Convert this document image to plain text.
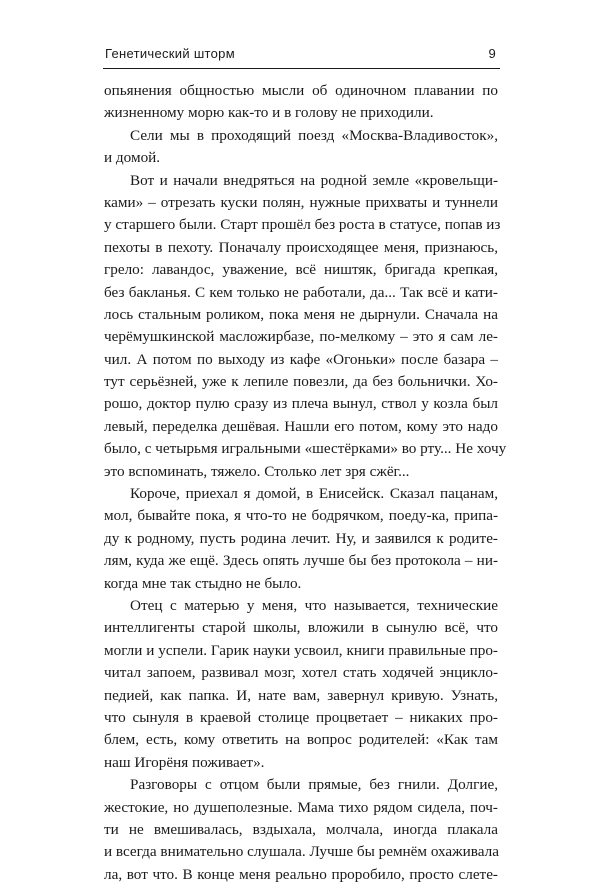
Генетический шторм	9
опьянения общностью мысли об одиночном плавании по
жизненному морю как-то и в голову не приходили.
Сели мы в проходящий поезд «Москва-Владивосток»,
и домой.
Вот и начали внедряться на родной земле «кровельщи-
ками» – отрезать куски полян, нужные прихваты и туннели
у старшего были. Старт прошёл без роста в статусе, попав из
пехоты в пехоту. Поначалу происходящее меня, признаюсь,
грело: лавандос, уважение, всё ништяк, бригада крепкая,
без бакланья. С кем только не работали, да... Так всё и кати-
лось стальным роликом, пока меня не дырнули. Сначала на
черёмушкинской масложирбазе, по-мелкому – это я сам ле-
чил. А потом по выходу из кафе «Огоньки» после базара –
тут серьёзней, уже к лепиле повезли, да без больнички. Хо-
рошо, доктор пулю сразу из плеча вынул, ствол у козла был
левый, переделка дешёвая. Нашли его потом, кому это надо
было, с четырьмя игральными «шестёрками» во рту... Не хочу
это вспоминать, тяжело. Столько лет зря сжёг...
Короче, приехал я домой, в Енисейск. Сказал пацанам,
мол, бывайте пока, я что-то не бодрячком, поеду-ка, припа-
ду к родному, пусть родина лечит. Ну, и заявился к родите-
лям, куда же ещё. Здесь опять лучше бы без протокола – ни-
когда мне так стыдно не было.
Отец с матерью у меня, что называется, технические
интеллигенты старой школы, вложили в сынулю всё, что
могли и успели. Гарик науки усвоил, книги правильные про-
читал запоем, развивал мозг, хотел стать ходячей энцикло-
педией, как папка. И, нате вам, завернул кривую. Узнать,
что сынуля в краевой столице процветает – никаких про-
блем, есть, кому ответить на вопрос родителей: «Как там
наш Игорёня поживает».
Разговоры с отцом были прямые, без гнили. Долгие,
жестокие, но душеполезные. Мама тихо рядом сидела, поч-
ти не вмешивалась, вздыхала, молчала, иногда плакала
и всегда внимательно слушала. Лучше бы ремнём охаживала
ла, вот что. В конце меня реально проробило, просто слете-
